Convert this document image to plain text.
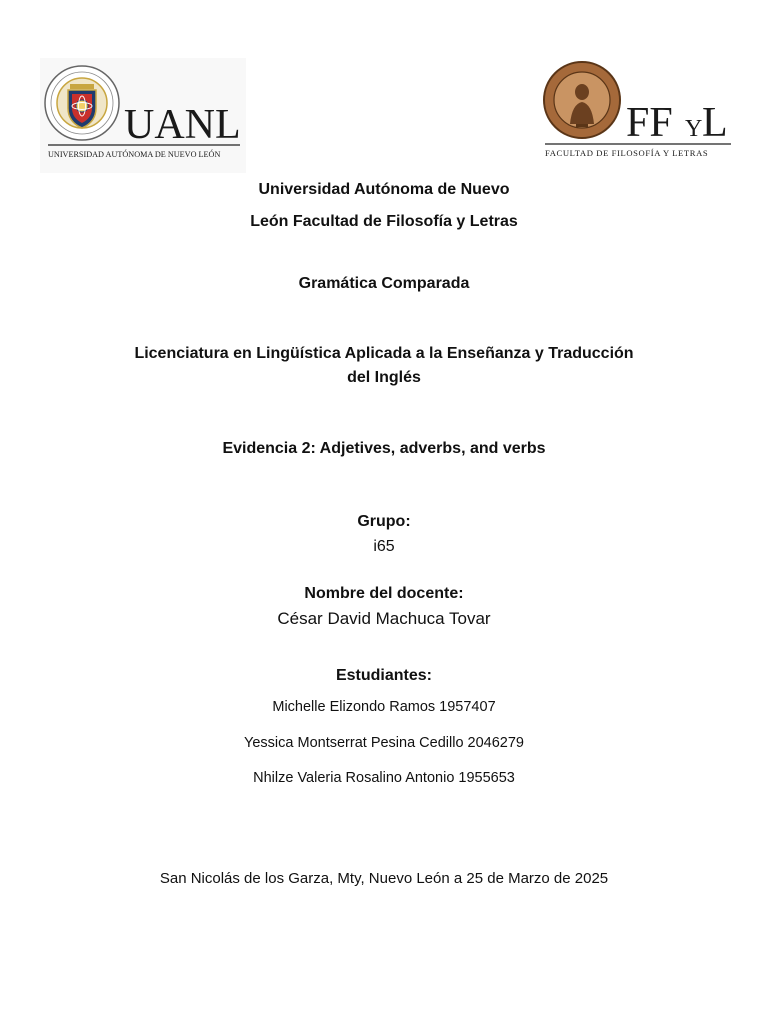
UANL
UNIVERSIDAD AUTÓNOMA DE NUEVO LEÓN
FF Y L
FACULTAD DE FILOSOFÍA Y LETRAS

Universidad Autónoma de Nuevo

León Facultad de Filosofía y Letras

Gramática Comparada

Licenciatura en Lingüística Aplicada a la Enseñanza y Traducción

del Inglés

Evidencia 2: Adjetives, adverbs, and verbs

Grupo:

i65

Nombre del docente:

César David Machuca Tovar

Estudiantes:

Michelle Elizondo Ramos 1957407

Yessica Montserrat Pesina Cedillo 2046279

Nhilze Valeria Rosalino Antonio 1955653

San Nicolás de los Garza, Mty, Nuevo León a 25 de Marzo de 2025
